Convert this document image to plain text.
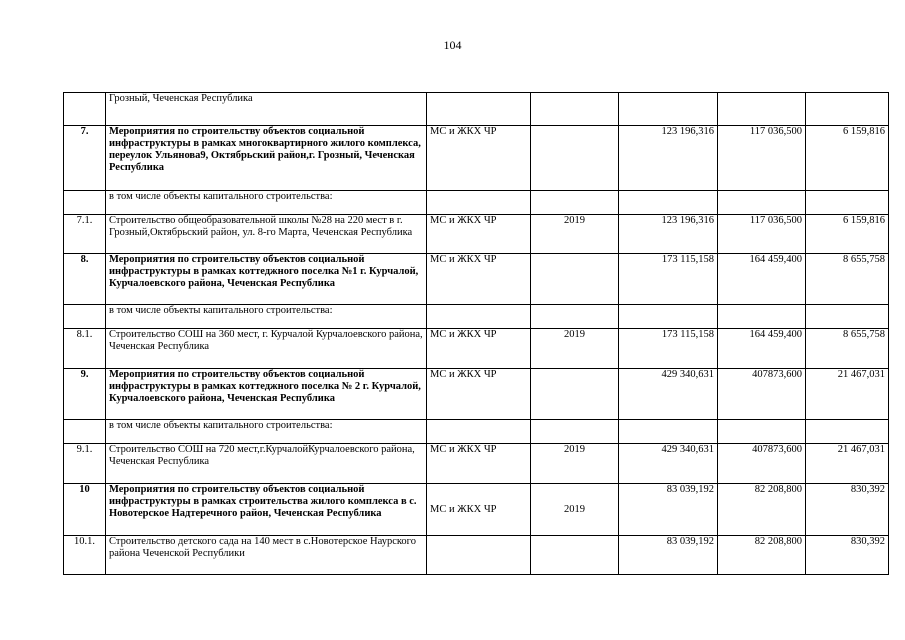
104
	Грозный, Чеченская Республика					
7.	Мероприятия по строительству объектов социальной инфраструктуры в рамках многоквартирного жилого комплекса, переулок Ульянова9, Октябрьский район,г. Грозный, Чеченская Республика	МС и ЖКХ ЧР		123 196,316	117 036,500	6 159,816
	в том числе объекты капитального строительства:					
7.1.	Строительство общеобразовательной школы №28 на 220 мест в г. Грозный,Октябрьский район, ул. 8-го Марта, Чеченская Республика	МС и ЖКХ ЧР	2019	123 196,316	117 036,500	6 159,816
8.	Мероприятия по строительству объектов социальной инфраструктуры в рамках коттеджного поселка №1 г. Курчалой, Курчалоевского района, Чеченская Республика	МС и ЖКХ ЧР		173 115,158	164 459,400	8 655,758
	в том числе объекты капитального строительства:					
8.1.	Строительство СОШ на 360 мест, г. Курчалой Курчалоевского района, Чеченская Республика	МС и ЖКХ ЧР	2019	173 115,158	164 459,400	8 655,758
9.	Мероприятия по строительству объектов социальной инфраструктуры в рамках коттеджного поселка № 2 г. Курчалой, Курчалоевского района, Чеченская Республика	МС и ЖКХ ЧР		429 340,631	407873,600	21 467,031
	в том числе объекты капитального строительства:					
9.1.	Строительство СОШ на 720 мест,г.КурчалойКурчалоевского района, Чеченская Республика	МС и ЖКХ ЧР	2019	429 340,631	407873,600	21 467,031
10	Мероприятия по строительству объектов социальной инфраструктуры в рамках строительства жилого комплекса в с. Новотерское Надтеречного район, Чеченская Республика	МС и ЖКХ ЧР	2019	83 039,192	82 208,800	830,392
10.1.	Строительство детского сада на 140 мест в с.Новотерское Наурского района Чеченской Республики			83 039,192	82 208,800	830,392
